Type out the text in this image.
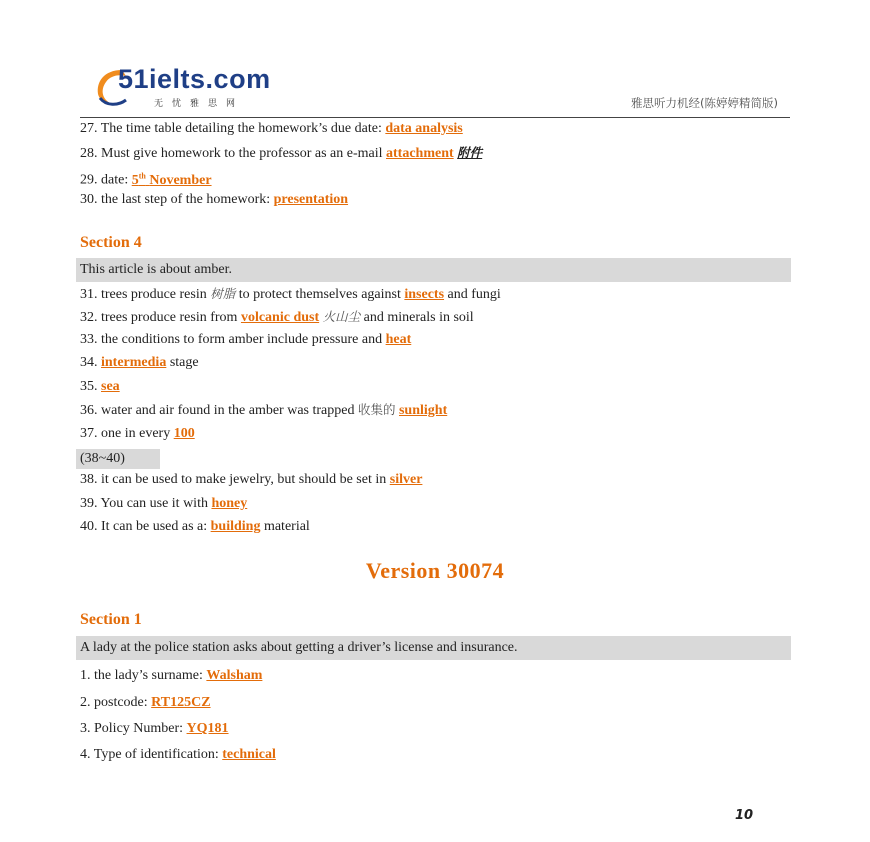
51ielts.com
无忧雅思网	雅思听力机经(陈婷婷精简版)
27. The time table detailing the homework’s due date: data analysis
28. Must give homework to the professor as an e-mail attachment 附件
29. date: 5th November
30. the last step of the homework: presentation
Section 4
This article is about amber.
31. trees produce resin 树脂 to protect themselves against insects and fungi
32. trees produce resin from volcanic dust 火山尘 and minerals in soil
33. the conditions to form amber include pressure and heat
34. intermedia stage
35. sea
36. water and air found in the amber was trapped 收集的 sunlight
37. one in every 100
(38~40)
38. it can be used to make jewelry, but should be set in silver
39. You can use it with honey
40. It can be used as a: building material
Version 30074
Section 1
A lady at the police station asks about getting a driver’s license and insurance.
1. the lady’s surname: Walsham
2. postcode: RT125CZ
3. Policy Number: YQ181
4. Type of identification: technical
10
